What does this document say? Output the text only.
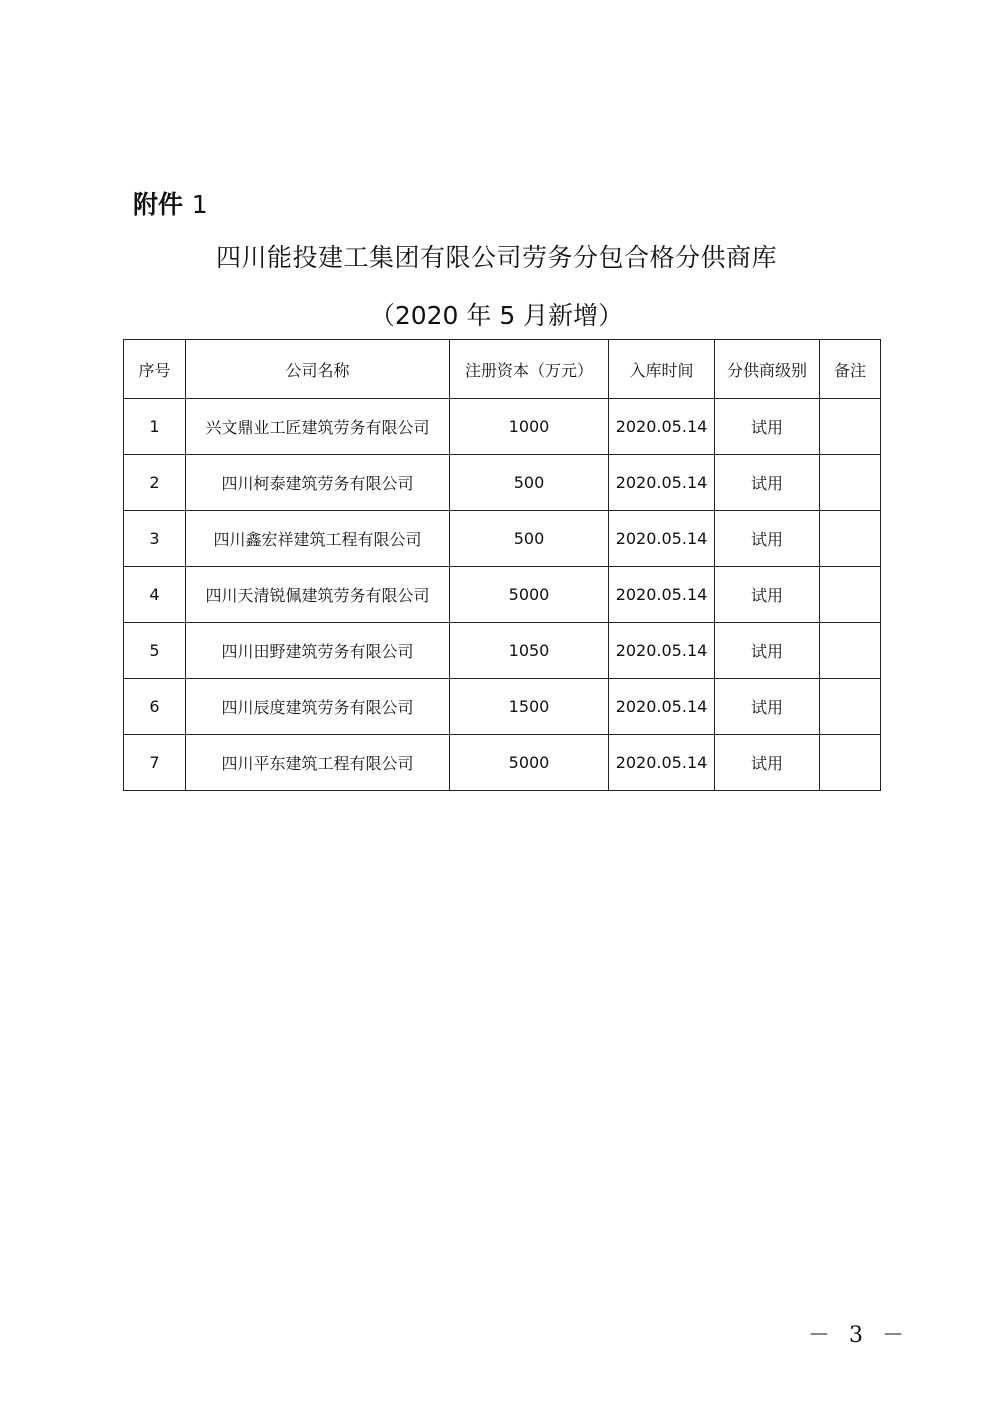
附件 1
四川能投建工集团有限公司劳务分包合格分供商库
（2020 年 5 月新增）
序号	公司名称	注册资本（万元）	入库时间	分供商级别	备注
1	兴文鼎业工匠建筑劳务有限公司	1000	2020.05.14	试用	
2	四川柯泰建筑劳务有限公司	500	2020.05.14	试用	
3	四川鑫宏祥建筑工程有限公司	500	2020.05.14	试用	
4	四川天清锐佩建筑劳务有限公司	5000	2020.05.14	试用	
5	四川田野建筑劳务有限公司	1050	2020.05.14	试用	
6	四川辰度建筑劳务有限公司	1500	2020.05.14	试用	
7	四川平东建筑工程有限公司	5000	2020.05.14	试用	
－ 3 －
